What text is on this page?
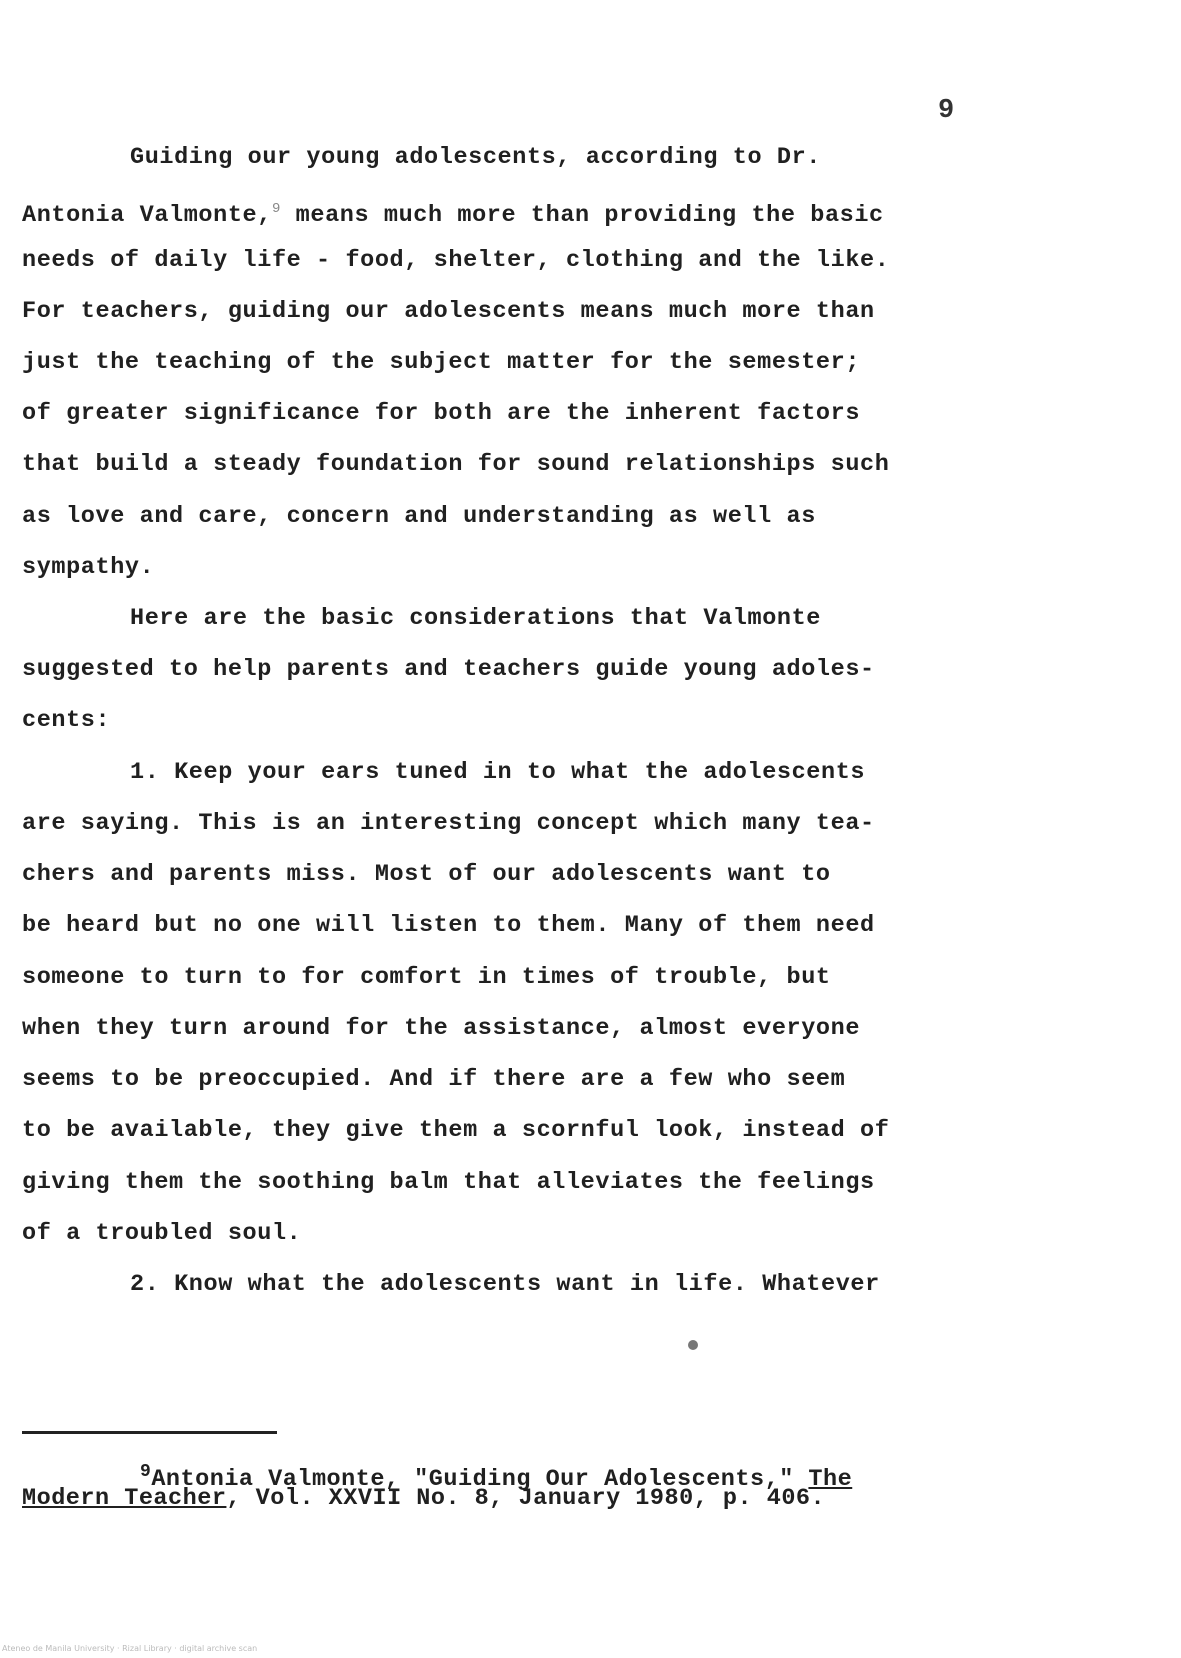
9
Guiding our young adolescents, according to Dr.
Antonia Valmonte,$^9$ means much more than providing the basic
needs of daily life - food, shelter, clothing and the like.
For teachers, guiding our adolescents means much more than
just the teaching of the subject matter for the semester;
of greater significance for both are the inherent factors
that build a steady foundation for sound relationships such
as love and care, concern and understanding as well as
sympathy.
Here are the basic considerations that Valmonte
suggested to help parents and teachers guide young adoles-
cents:
1. Keep your ears tuned in to what the adolescents
are saying. This is an interesting concept which many tea-
chers and parents miss. Most of our adolescents want to
be heard but no one will listen to them. Many of them need
someone to turn to for comfort in times of trouble, but
when they turn around for the assistance, almost everyone
seems to be preoccupied. And if there are a few who seem
to be available, they give them a scornful look, instead of
giving them the soothing balm that alleviates the feelings
of a troubled soul.
2. Know what the adolescents want in life. Whatever
$^9$Antonia Valmonte, "Guiding Our Adolescents," The
Modern Teacher, Vol. XXVII No. 8, January 1980, p. 406.
Ateneo de Manila University · Rizal Library · digital archive scan
